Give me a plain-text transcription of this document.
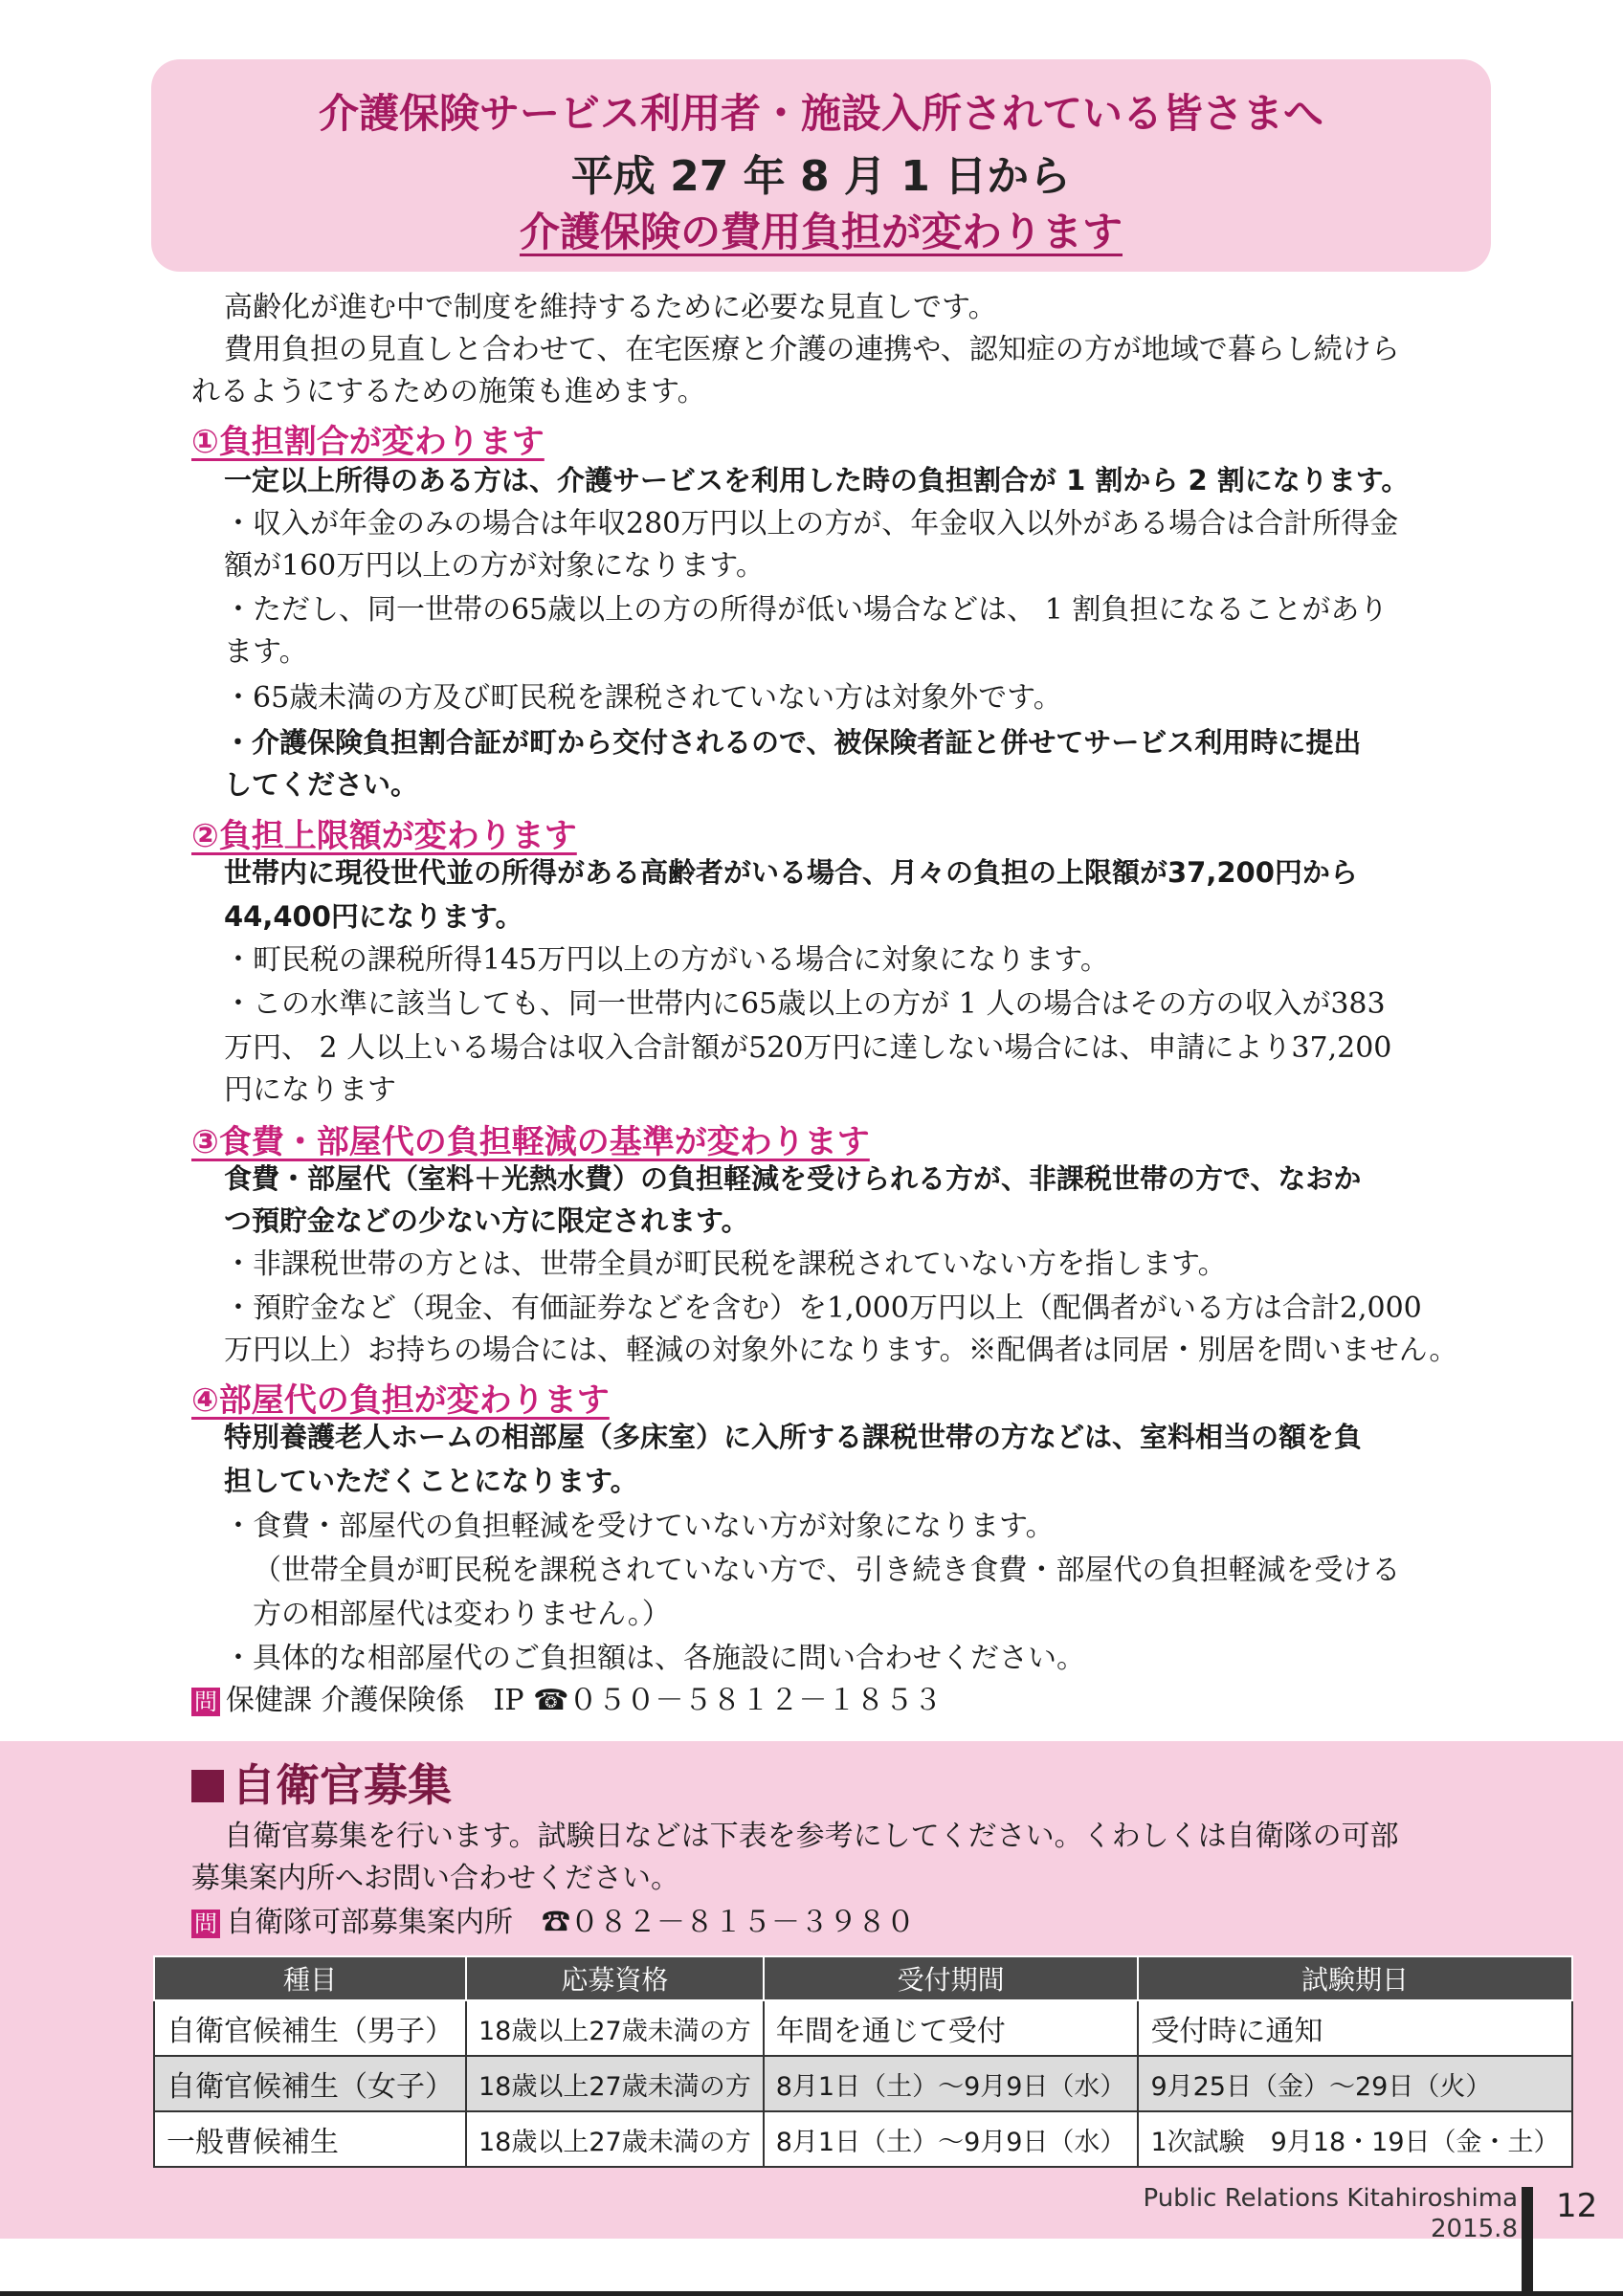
介護保険サービス利用者・施設入所されている皆さまへ
平成 27 年 8 月 1 日から
介護保険の費用負担が変わります
高齢化が進む中で制度を維持するために必要な見直しです。
費用負担の見直しと合わせて、在宅医療と介護の連携や、認知症の方が地域で暮らし続けら
れるようにするための施策も進めます。
①負担割合が変わります
一定以上所得のある方は、介護サービスを利用した時の負担割合が 1 割から 2 割になります。
・収入が年金のみの場合は年収280万円以上の方が、年金収入以外がある場合は合計所得金
額が160万円以上の方が対象になります。
・ただし、同一世帯の65歳以上の方の所得が低い場合などは、 1 割負担になることがあり
ます。
・65歳未満の方及び町民税を課税されていない方は対象外です。
・介護保険負担割合証が町から交付されるので、被保険者証と併せてサービス利用時に提出
してください。
②負担上限額が変わります
世帯内に現役世代並の所得がある高齢者がいる場合、月々の負担の上限額が37,200円から
44,400円になります。
・町民税の課税所得145万円以上の方がいる場合に対象になります。
・この水準に該当しても、同一世帯内に65歳以上の方が 1 人の場合はその方の収入が383
万円、 2 人以上いる場合は収入合計額が520万円に達しない場合には、申請により37,200
円になります
③食費・部屋代の負担軽減の基準が変わります
食費・部屋代（室料＋光熱水費）の負担軽減を受けられる方が、非課税世帯の方で、なおか
つ預貯金などの少ない方に限定されます。
・非課税世帯の方とは、世帯全員が町民税を課税されていない方を指します。
・預貯金など（現金、有価証券などを含む）を1,000万円以上（配偶者がいる方は合計2,000
万円以上）お持ちの場合には、軽減の対象外になります。※配偶者は同居・別居を問いません。
④部屋代の負担が変わります
特別養護老人ホームの相部屋（多床室）に入所する課税世帯の方などは、室料相当の額を負
担していただくことになります。
・食費・部屋代の負担軽減を受けていない方が対象になります。
（世帯全員が町民税を課税されていない方で、引き続き食費・部屋代の負担軽減を受ける
方の相部屋代は変わりません。）
・具体的な相部屋代のご負担額は、各施設に問い合わせください。
問 保健課 介護保険係　IP ☎０５０－５８１２－１８５３
自衛官募集
自衛官募集を行います。試験日などは下表を参考にしてください。くわしくは自衛隊の可部
募集案内所へお問い合わせください。
問 自衛隊可部募集案内所　☎０８２－８１５－３９８０
種目	応募資格	受付期間	試験期日
自衛官候補生（男子）	18歳以上27歳未満の方	年間を通じて受付	受付時に通知
自衛官候補生（女子）	18歳以上27歳未満の方	8月1日（土）～9月9日（水）	9月25日（金）～29日（火）
一般曹候補生	18歳以上27歳未満の方	8月1日（土）～9月9日（水）	1次試験　9月18・19日（金・土）
Public Relations Kitahiroshima
2015.8
12
